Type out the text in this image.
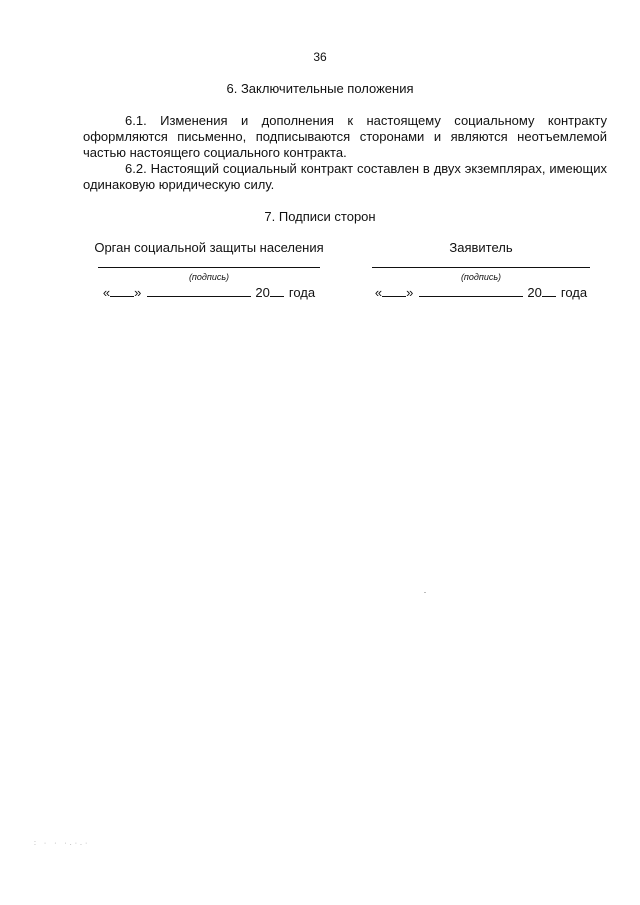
36
6. Заключительные положения

6.1. Изменения и дополнения к настоящему социальному контракту оформляются письменно, подписываются сторонами и являются неотъемлемой частью настоящего социального контракта.

6.2. Настоящий социальный контракт составлен в двух экземплярах, имеющих одинаковую юридическую силу.

7. Подписи сторон
Орган социальной защиты населения
(подпись)
« »	20 года
Заявитель
(подпись)
« »	20 года
: · · ·.·.·
